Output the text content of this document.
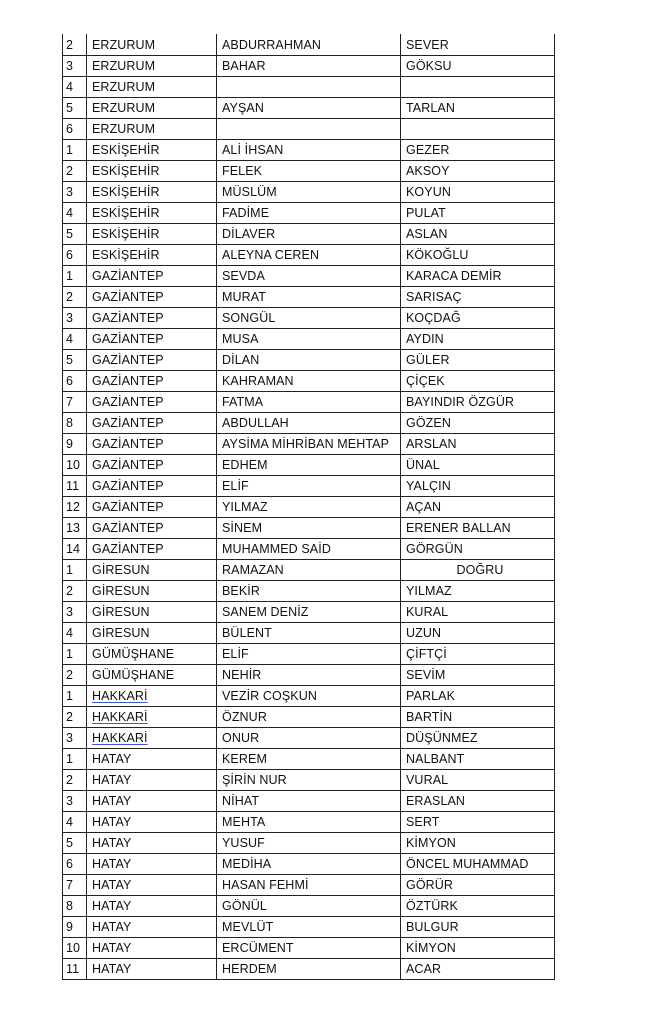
2	ERZURUM	ABDURRAHMAN	SEVER
3	ERZURUM	BAHAR	GÖKSU
4	ERZURUM		
5	ERZURUM	AYŞAN	TARLAN
6	ERZURUM		
1	ESKİŞEHİR	ALİ İHSAN	GEZER
2	ESKİŞEHİR	FELEK	AKSOY
3	ESKİŞEHİR	MÜSLÜM	KOYUN
4	ESKİŞEHİR	FADİME	PULAT
5	ESKİŞEHİR	DİLAVER	ASLAN
6	ESKİŞEHİR	ALEYNA CEREN	KÖKOĞLU
1	GAZİANTEP	SEVDA	KARACA DEMİR
2	GAZİANTEP	MURAT	SARISAÇ
3	GAZİANTEP	SONGÜL	KOÇDAĞ
4	GAZİANTEP	MUSA	AYDIN
5	GAZİANTEP	DİLAN	GÜLER
6	GAZİANTEP	KAHRAMAN	ÇİÇEK
7	GAZİANTEP	FATMA	BAYINDIR ÖZGÜR
8	GAZİANTEP	ABDULLAH	GÖZEN
9	GAZİANTEP	AYSİMA MİHRİBAN MEHTAP	ARSLAN
10	GAZİANTEP	EDHEM	ÜNAL
11	GAZİANTEP	ELİF	YALÇIN
12	GAZİANTEP	YILMAZ	AÇAN
13	GAZİANTEP	SİNEM	ERENER BALLAN
14	GAZİANTEP	MUHAMMED SAİD	GÖRGÜN
1	GİRESUN	RAMAZAN	DOĞRU
2	GİRESUN	BEKİR	YILMAZ
3	GİRESUN	SANEM DENİZ	KURAL
4	GİRESUN	BÜLENT	UZUN
1	GÜMÜŞHANE	ELİF	ÇİFTÇİ
2	GÜMÜŞHANE	NEHİR	SEVİM
1	HAKKARİ	VEZİR COŞKUN	PARLAK
2	HAKKARİ	ÖZNUR	BARTİN
3	HAKKARİ	ONUR	DÜŞÜNMEZ
1	HATAY	KEREM	NALBANT
2	HATAY	ŞİRİN NUR	VURAL
3	HATAY	NİHAT	ERASLAN
4	HATAY	MEHTA	SERT
5	HATAY	YUSUF	KİMYON
6	HATAY	MEDİHA	ÖNCEL MUHAMMAD
7	HATAY	HASAN FEHMİ	GÖRÜR
8	HATAY	GÖNÜL	ÖZTÜRK
9	HATAY	MEVLÜT	BULGUR
10	HATAY	ERCÜMENT	KİMYON
11	HATAY	HERDEM	ACAR
